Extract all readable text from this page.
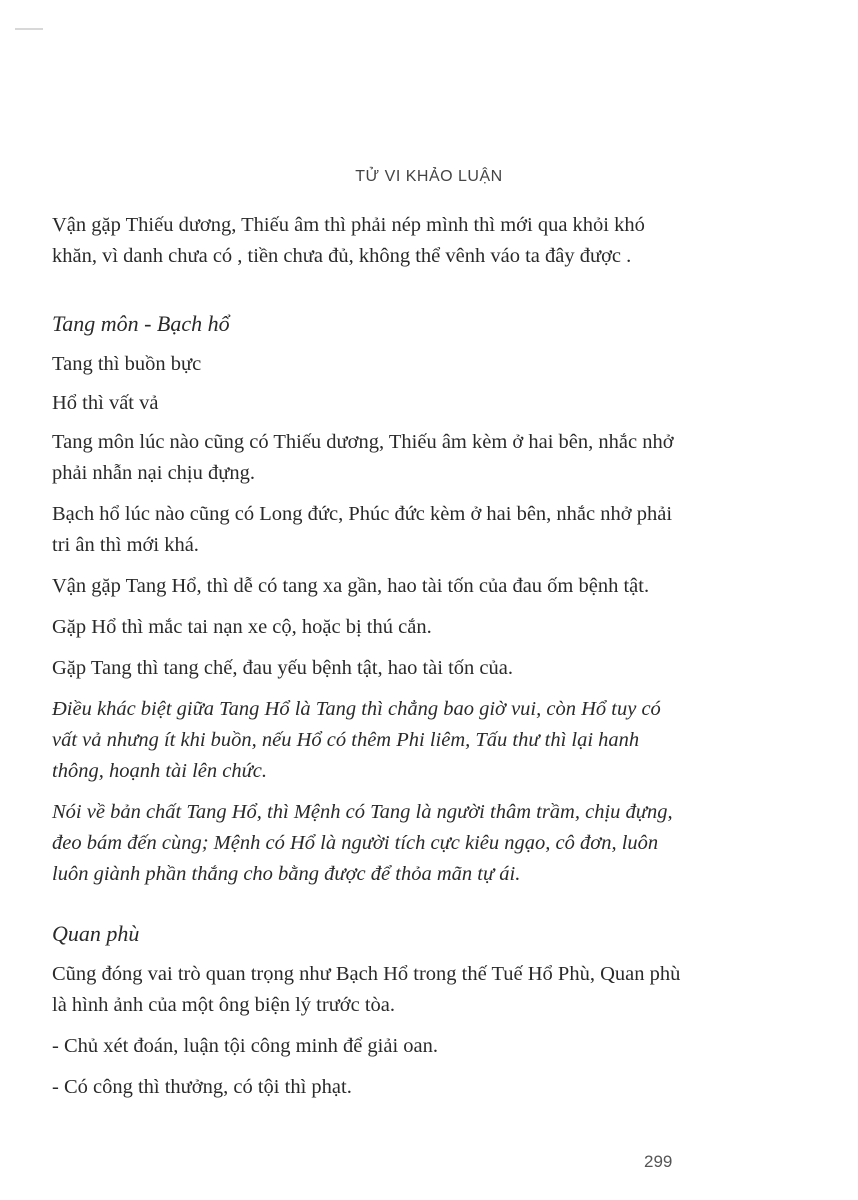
TỬ VI KHẢO LUẬN

Vận gặp Thiếu dương, Thiếu âm thì phải nép mình thì mới qua khỏi khó khăn, vì danh chưa có , tiền chưa đủ, không thể vênh váo ta đây được .

Tang môn - Bạch hổ

Tang thì buồn bực

Hổ thì vất vả

Tang môn lúc nào cũng có Thiếu dương, Thiếu âm kèm ở hai bên, nhắc nhở phải nhẫn nại chịu đựng.

Bạch hổ lúc nào cũng có Long đức, Phúc đức kèm ở hai bên, nhắc nhở phải tri ân thì mới khá.

Vận gặp Tang Hổ, thì dễ có tang xa gần, hao tài tốn của đau ốm bệnh tật.

Gặp Hổ thì mắc tai nạn xe cộ, hoặc bị thú cắn.

Gặp Tang thì tang chế, đau yếu bệnh tật, hao tài tốn của.

Điều khác biệt giữa Tang Hổ là Tang thì chẳng bao giờ vui, còn Hổ tuy có vất vả nhưng ít khi buồn, nếu Hổ có thêm Phi liêm, Tấu thư thì lại hanh thông, hoạnh tài lên chức.

Nói về bản chất Tang Hổ, thì Mệnh có Tang là người thâm trầm, chịu đựng, đeo bám đến cùng; Mệnh có Hổ là người tích cực kiêu ngạo, cô đơn, luôn luôn giành phần thắng cho bằng được để thỏa mãn tự ái.

Quan phù

Cũng đóng vai trò quan trọng như Bạch Hổ trong thế Tuế Hổ Phù, Quan phù là hình ảnh của một ông biện lý trước tòa.

- Chủ xét đoán, luận tội công minh để giải oan.

- Có công thì thưởng, có tội thì phạt.

299
